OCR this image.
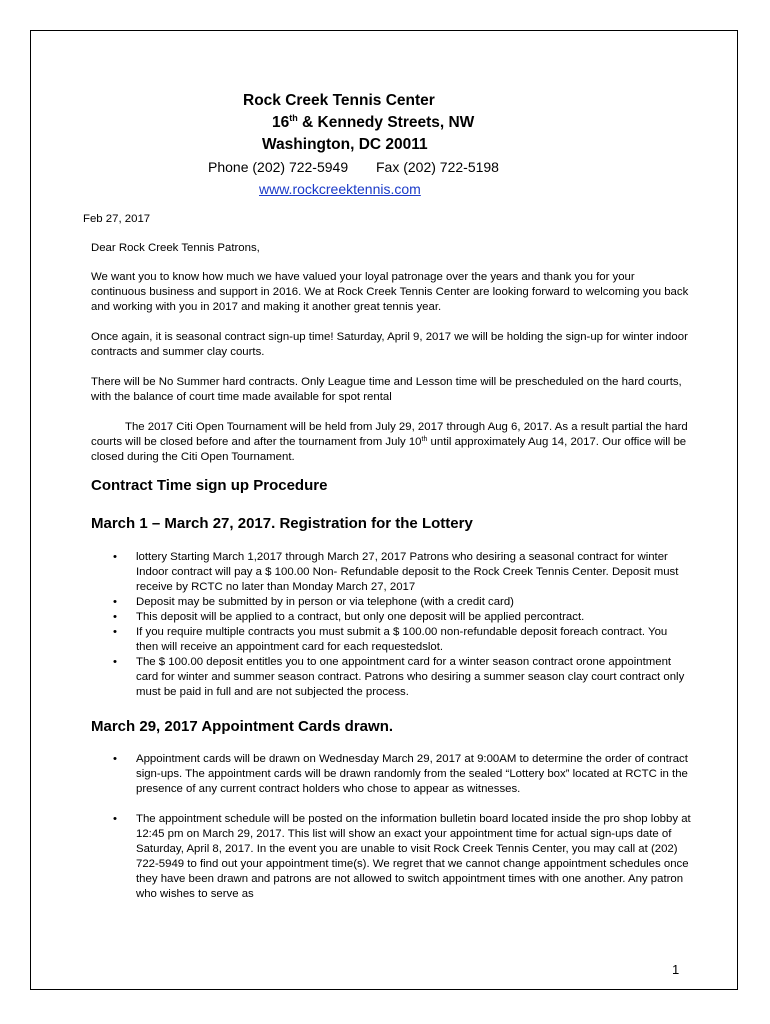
Rock Creek Tennis Center
16th & Kennedy Streets, NW
Washington, DC 20011
Phone (202) 722-5949 Fax (202) 722-5198
www.rockcreektennis.com
Feb 27, 2017
Dear Rock Creek Tennis Patrons,
We want you to know how much we have valued your loyal patronage over the years and thank you for your continuous business and support in 2016. We at Rock Creek Tennis Center are looking forward to welcoming you back and working with you in 2017 and making it another great tennis year.
Once again, it is seasonal contract sign-up time! Saturday, April 9, 2017 we will be holding the sign-up for winter indoor contracts and summer clay courts.
There will be No Summer hard contracts. Only League time and Lesson time will be prescheduled on the hard courts, with the balance of court time made available for spot rental
The 2017 Citi Open Tournament will be held from July 29, 2017 through Aug 6, 2017. As a result partial the hard courts will be closed before and after the tournament from July 10th until approximately Aug 14, 2017. Our office will be closed during the Citi Open Tournament.
Contract Time sign up Procedure
March 1 – March 27, 2017. Registration for the Lottery
• lottery Starting March 1,2017 through March 27, 2017 Patrons who desiring a seasonal contract for winter Indoor contract will pay a $ 100.00 Non- Refundable deposit to the Rock Creek Tennis Center. Deposit must receive by RCTC no later than Monday March 27, 2017
• Deposit may be submitted by in person or via telephone (with a credit card)
• This deposit will be applied to a contract, but only one deposit will be applied percontract.
• If you require multiple contracts you must submit a $ 100.00 non-refundable deposit foreach contract. You then will receive an appointment card for each requestedslot.
• The $ 100.00 deposit entitles you to one appointment card for a winter season contract orone appointment card for winter and summer season contract. Patrons who desiring a summer season clay court contract only must be paid in full and are not subjected the process.
March 29, 2017 Appointment Cards drawn.
• Appointment cards will be drawn on Wednesday March 29, 2017 at 9:00AM to determine the order of contract sign-ups. The appointment cards will be drawn randomly from the sealed “Lottery box” located at RCTC in the presence of any current contract holders who chose to appear as witnesses.
• The appointment schedule will be posted on the information bulletin board located inside the pro shop lobby at 12:45 pm on March 29, 2017. This list will show an exact your appointment time for actual sign-ups date of Saturday, April 8, 2017. In the event you are unable to visit Rock Creek Tennis Center, you may call at (202) 722-5949 to find out your appointment time(s). We regret that we cannot change appointment schedules once they have been drawn and patrons are not allowed to switch appointment times with one another. Any patron who wishes to serve as
1
